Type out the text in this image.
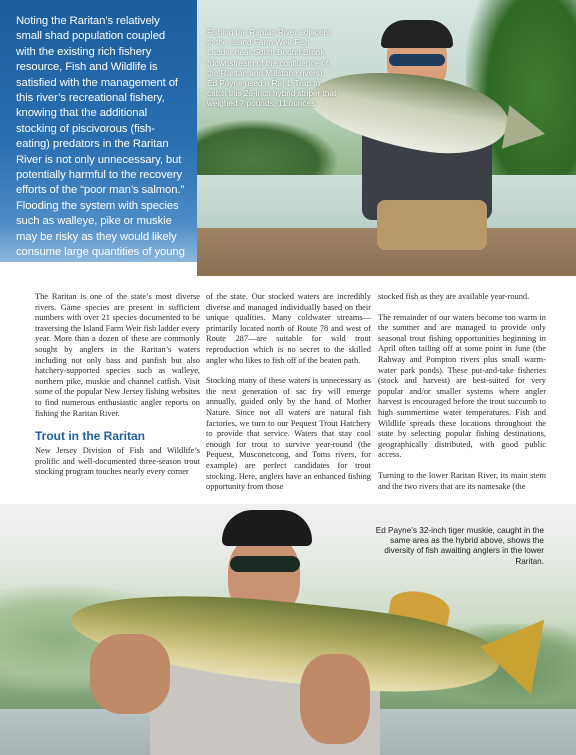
Noting the Raritan’s relatively small shad population coupled with the existing rich fishery resource, Fish and Wildlife is satisfied with the management of this river’s recreational fishery, knowing that the additional stocking of piscivorous (fish-eating) predators in the Raritan River is not only unnecessary, but potentially harmful to the recovery efforts of the “poor man’s salmon.” Flooding the system with species such as walleye, pike or muskie may be risky as they would likely consume large quantities of young shad, a threat that this vulnerable species cannot afford.

Fishing the Raritan River adjacent to the Island Farm Weir Fish Ladder near South Bound Brook (downstream of the confluence of the Raritan and Millstone rivers), Ed Payne used a Rat-L-Trap to catch this 26-inch hybrid striper that weighed 7 pounds, 11 ounces.

The Raritan is one of the state’s most diverse rivers. Game species are present in sufficient numbers with over 21 species documented to be traversing the Island Farm Weir fish ladder every year. More than a dozen of these are commonly sought by anglers in the Raritan’s waters including not only bass and panfish but also hatchery-supported species such as walleye, northern pike, muskie and channel catfish. Visit some of the popular New Jersey fishing websites to find numerous enthusiastic angler reports on fishing the Raritan River.

Trout in the Raritan

New Jersey Division of Fish and Wildlife’s prolific and well-documented three-season trout stocking program touches nearly every corner

of the state. Our stocked waters are incredibly diverse and managed individually based on their unique qualities. Many coldwater streams—primarily located north of Route 78 and west of Route 287—are suitable for wild trout reproduction which is no secret to the skilled angler who likes to fish off of the beaten path.

Stocking many of these waters is unnecessary as the next generation of sac fry will emerge annually, guided only by the hand of Mother Nature. Since not all waters are natural fish factories, we turn to our Pequest Trout Hatchery to provide that service. Waters that stay cool enough for trout to survive year-round (the Pequest, Musconetcong, and Toms rivers, for example) are perfect candidates for trout stocking. Here, anglers have an enhanced fishing opportunity from those

stocked fish as they are available year-round.

The remainder of our waters become too warm in the summer and are managed to provide only seasonal trout fishing opportunities beginning in April often tailing off at some point in June (the Rahway and Pompton rivers plus small warm-water park ponds). These put-and-take fisheries (stock and harvest) are best-suited for very popular and/or smaller systems where angler harvest is encouraged before the trout succumb to high summertime water temperatures. Fish and Wildlife spreads these locations throughout the state by selecting popular fishing destinations, geographically distributed, with good public access.

Turning to the lower Raritan River, its main stem and the two rivers that are its namesake (the

Ed Payne’s 32-inch tiger muskie, caught in the same area as the hybrid above, shows the diversity of fish awaiting anglers in the lower Raritan.
